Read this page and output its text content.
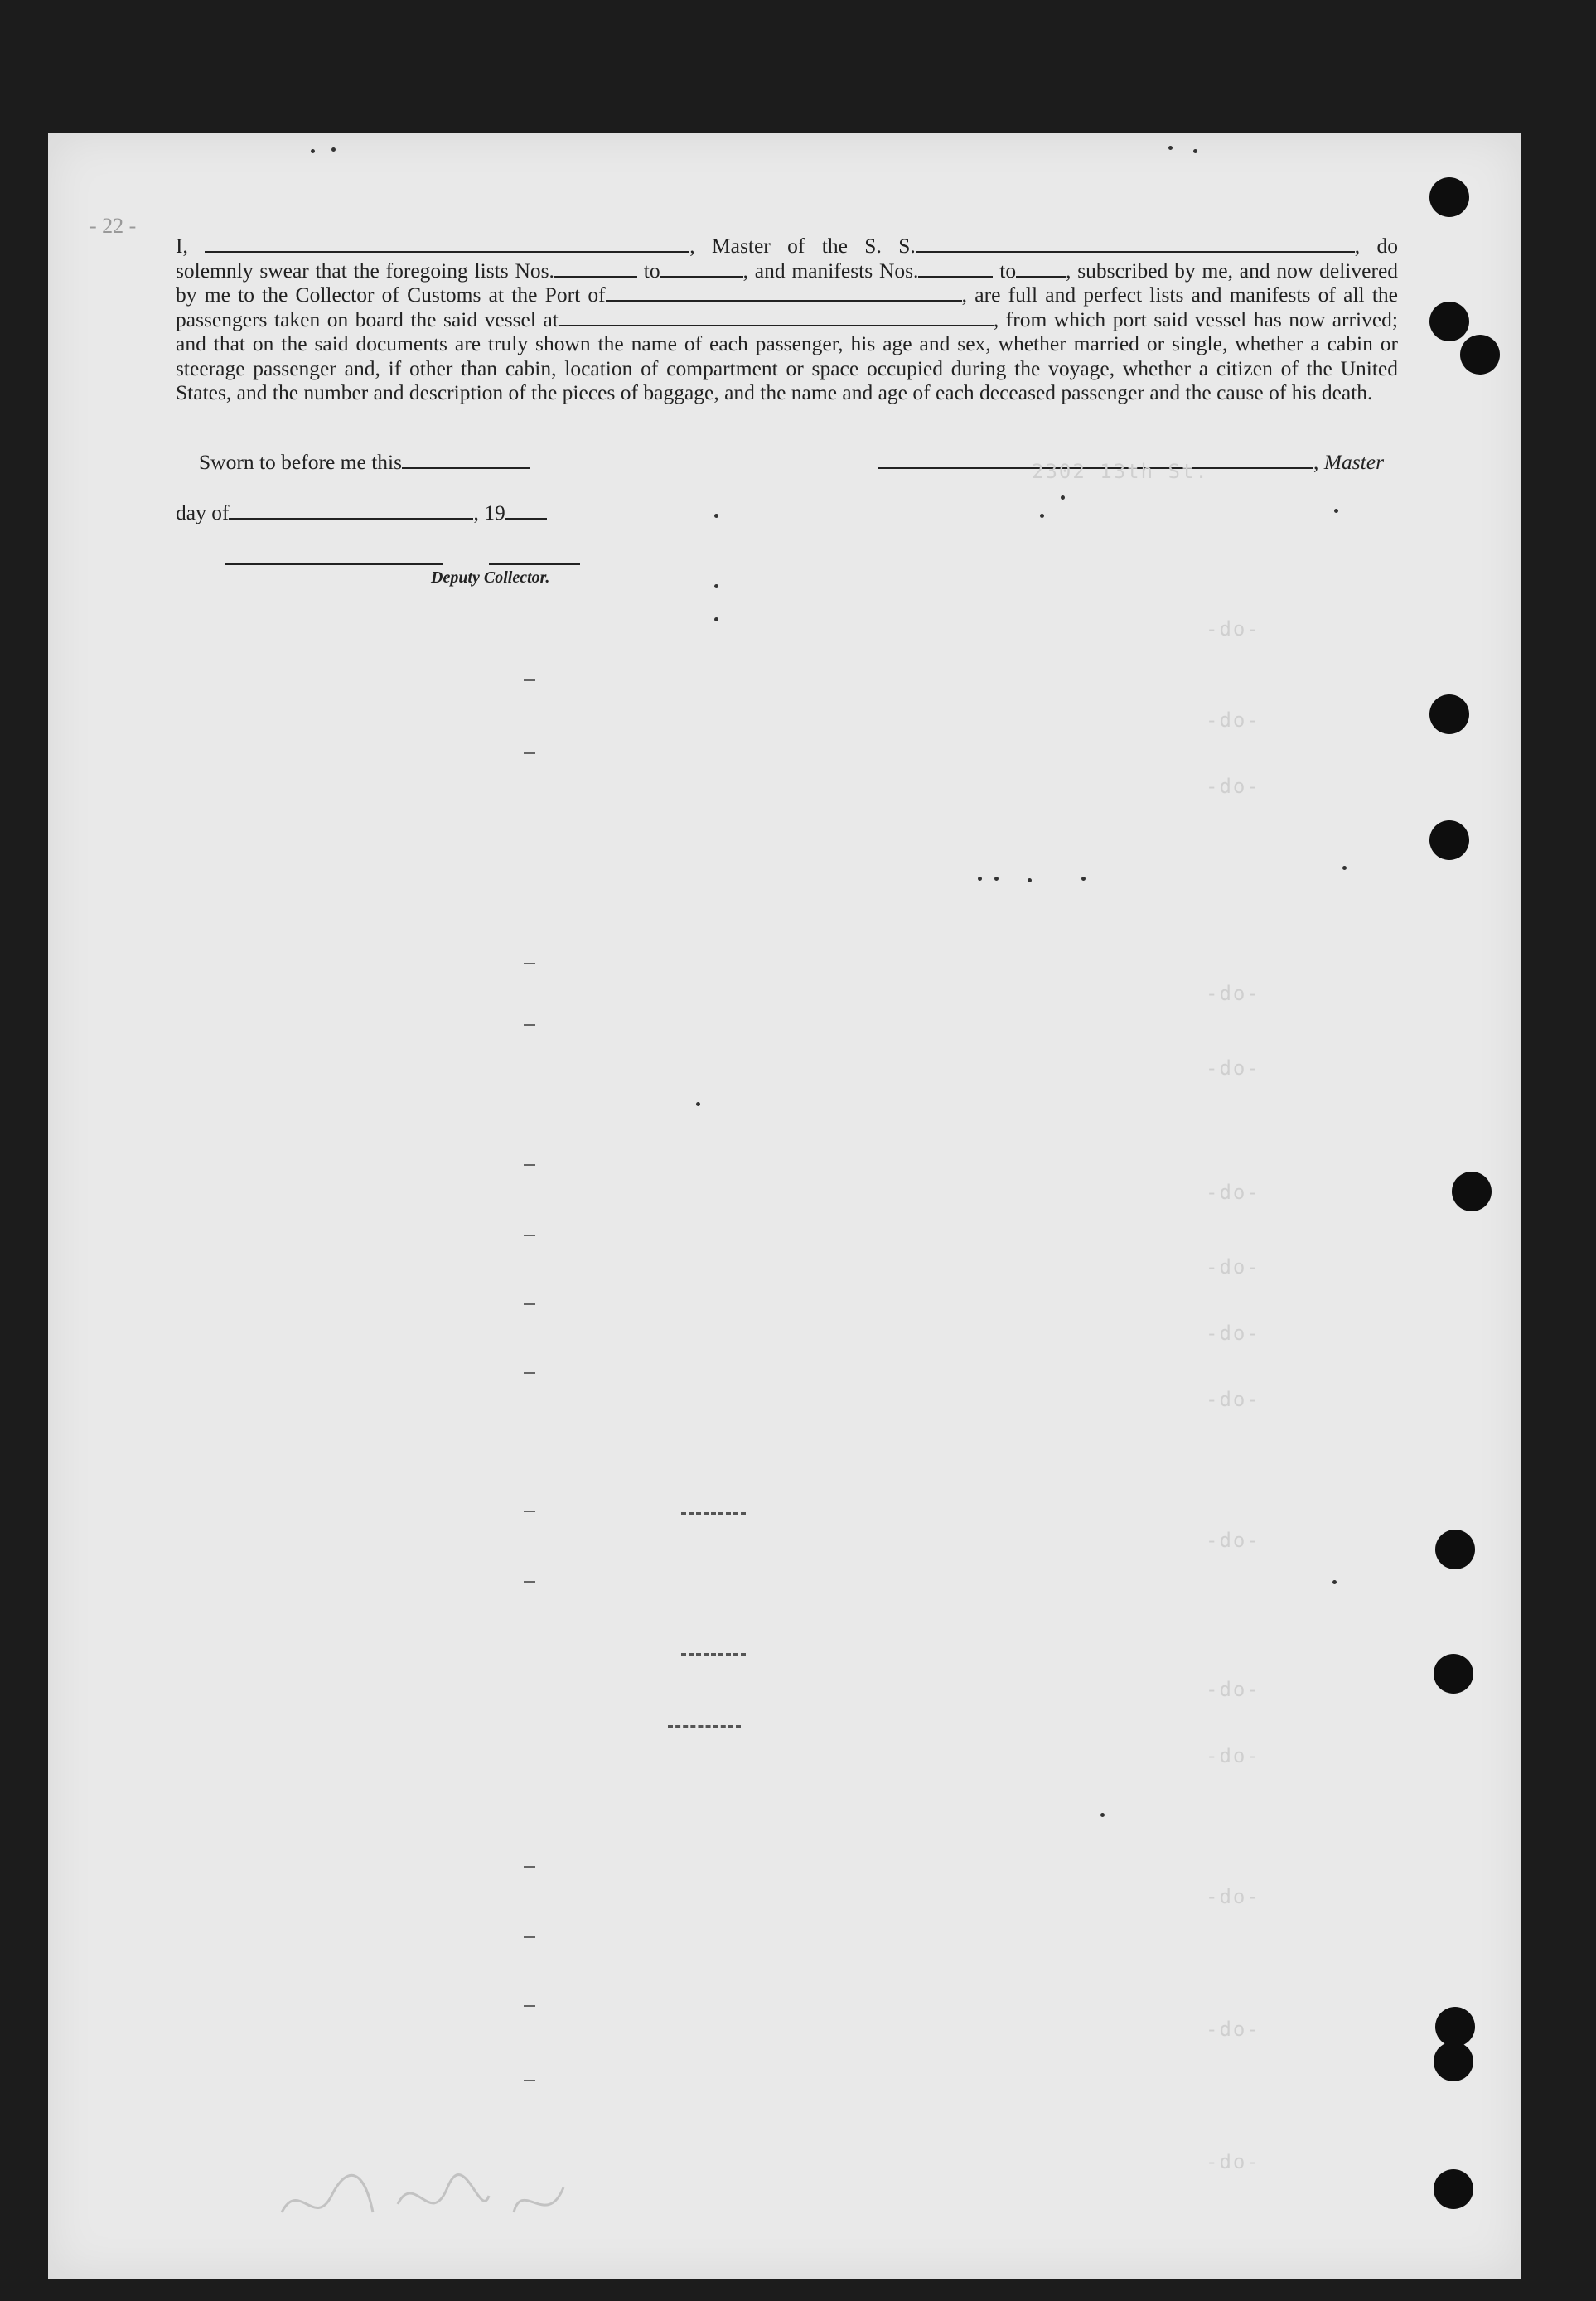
- 22 -
I,	, Master of the S. S.	, do solemnly swear that the foregoing lists Nos.	to	, and manifests Nos.	to , subscribed by me, and now delivered by me to the Collector of Customs at the Port of	, are full and perfect lists and manifests of all the passengers taken on board the said vessel at	, from which port said vessel has now arrived; and that on the said documents are truly shown the name of each passenger, his age and sex, whether married or single, whether a cabin or steerage passenger and, if other than cabin, location of compartment or space occupied during the voyage, whether a citizen of the United States, and the number and description of the pieces of baggage, and the name and age of each deceased passenger and the cause of his death.
Sworn to before me this
day of	, 19
, Master
Deputy Collector.
2302 13th St.
-do-
-do-
-do-
-do-
-do-
-do-
-do-
-do-
-do-
-do-
-do-
-do-
-do-
-do-
-do-
